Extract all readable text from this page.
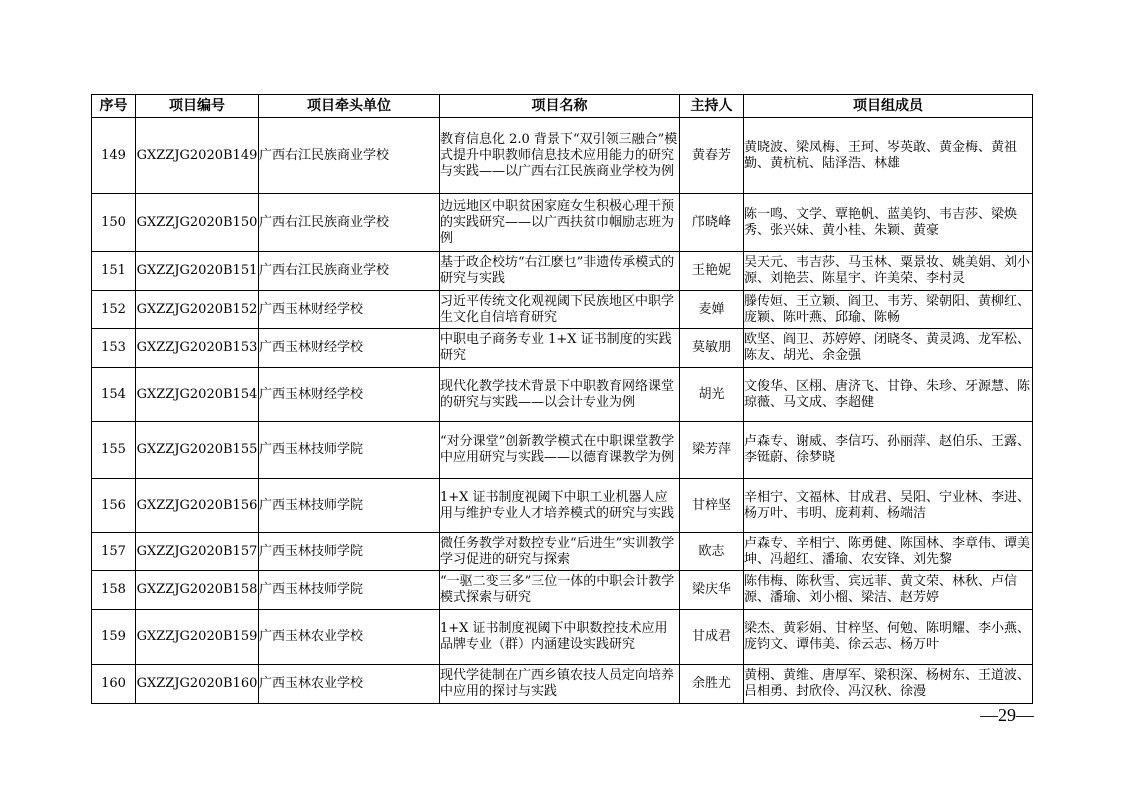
序号	项目编号	项目牵头单位	项目名称	主持人	项目组成员
149	GXZZJG2020B149	广西右江民族商业学校	教育信息化 2.0 背景下“双引领三融合”模式提升中职教师信息技术应用能力的研究与实践——以广西右江民族商业学校为例	黄春芳	黄晓波、梁凤梅、王珂、岑英敢、黄金梅、黄祖勤、黄杭杭、陆泽浩、林雄
150	GXZZJG2020B150	广西右江民族商业学校	边远地区中职贫困家庭女生积极心理干预的实践研究——以广西扶贫巾帼励志班为例	邝晓峰	陈一鸣、文学、覃艳帆、蓝美钧、韦吉莎、梁焕秀、张兴妹、黄小桂、朱颖、黄豪
151	GXZZJG2020B151	广西右江民族商业学校	基于政企校坊“右江麽乜”非遗传承模式的研究与实践	王艳妮	吴天元、韦吉莎、马玉林、粟景妆、姚美娟、刘小源、刘艳芸、陈星宇、许美荣、李村灵
152	GXZZJG2020B152	广西玉林财经学校	习近平传统文化观视阈下民族地区中职学生文化自信培育研究	麦婵	滕传姮、王立颖、阎卫、韦芳、梁朝阳、黄柳红、庞颖、陈叶燕、邱瑜、陈畅
153	GXZZJG2020B153	广西玉林财经学校	中职电子商务专业 1+X 证书制度的实践研究	莫敏朋	欧坚、阎卫、苏婷婷、闭晓冬、黄灵鸿、龙军松、陈友、胡光、余金强
154	GXZZJG2020B154	广西玉林财经学校	现代化教学技术背景下中职教育网络课堂的研究与实践——以会计专业为例	胡光	文俊华、区栩、唐济飞、甘铮、朱珍、牙源慧、陈琼薇、马文成、李超健
155	GXZZJG2020B155	广西玉林技师学院	“对分课堂”创新教学模式在中职课堂教学中应用研究与实践——以德育课教学为例	梁芳萍	卢森专、谢威、李信巧、孙丽萍、赵伯乐、王露、李铤蔚、徐梦晓
156	GXZZJG2020B156	广西玉林技师学院	1+X 证书制度视阈下中职工业机器人应用与维护专业人才培养模式的研究与实践	甘梓坚	辛相宁、文福林、甘成君、吴阳、宁业林、李进、杨万叶、韦明、庞莉莉、杨端洁
157	GXZZJG2020B157	广西玉林技师学院	微任务教学对数控专业“后进生”实训教学学习促进的研究与探索	欧志	卢森专、辛相宁、陈勇健、陈国林、李章伟、谭美坤、冯超红、潘瑜、农安锋、刘先黎
158	GXZZJG2020B158	广西玉林技师学院	“一驱二变三多”三位一体的中职会计教学模式探索与研究	梁庆华	陈伟梅、陈秋雪、宾远菲、黄文荣、林秋、卢信源、潘瑜、刘小榴、梁洁、赵芳婷
159	GXZZJG2020B159	广西玉林农业学校	1+X 证书制度视阈下中职数控技术应用品牌专业（群）内涵建设实践研究	甘成君	梁杰、黄彩娟、甘梓坚、何勉、陈明耀、李小燕、庞钧文、谭伟美、徐云志、杨万叶
160	GXZZJG2020B160	广西玉林农业学校	现代学徒制在广西乡镇农技人员定向培养中应用的探讨与实践	余胜尤	黄栩、黄维、唐厚军、梁积深、杨树东、王道波、吕相勇、封欣伶、冯汉秋、徐漫
—29—
